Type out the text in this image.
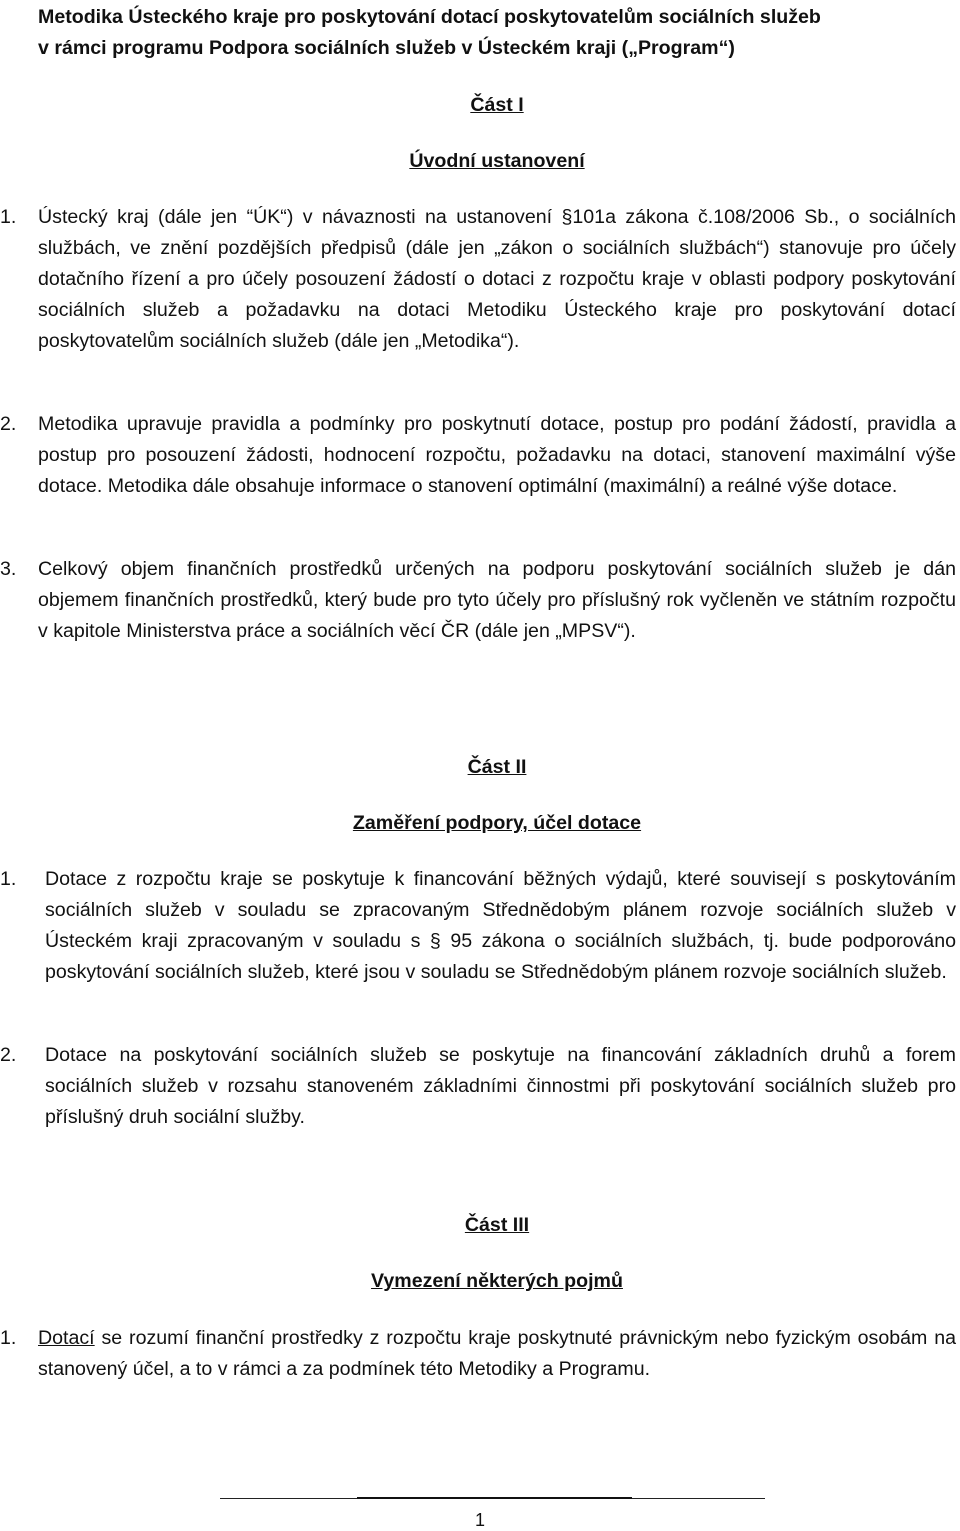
Metodika Ústeckého kraje pro poskytování dotací poskytovatelům sociálních služeb
v rámci programu Podpora sociálních služeb v Ústeckém kraji („Program“)
Část I
Úvodní ustanovení
1.	Ústecký kraj (dále jen “ÚK“) v návaznosti na ustanovení §101a zákona č.108/2006 Sb., o sociálních službách, ve znění pozdějších předpisů (dále jen „zákon o sociálních službách“) stanovuje pro účely dotačního řízení a pro účely posouzení žádostí o dotaci z rozpočtu kraje v oblasti podpory poskytování sociálních služeb a požadavku na dotaci Metodiku Ústeckého kraje pro poskytování dotací poskytovatelům sociálních služeb (dále jen „Metodika“).
2.	Metodika upravuje pravidla a podmínky pro poskytnutí dotace, postup pro podání žádostí, pravidla a postup pro posouzení žádosti, hodnocení rozpočtu, požadavku na dotaci, stanovení maximální výše dotace. Metodika dále obsahuje informace o stanovení optimální (maximální) a reálné výše dotace.
3.	Celkový objem finančních prostředků určených na podporu poskytování sociálních služeb je dán objemem finančních prostředků, který bude pro tyto účely pro příslušný rok vyčleněn ve státním rozpočtu v kapitole Ministerstva práce a sociálních věcí ČR (dále jen „MPSV“).
Část II
Zaměření podpory, účel dotace
1.	Dotace z rozpočtu kraje se poskytuje k financování běžných výdajů, které souvisejí s poskytováním sociálních služeb v souladu se zpracovaným Střednědobým plánem rozvoje sociálních služeb v Ústeckém kraji zpracovaným v souladu s § 95 zákona o sociálních službách, tj. bude podporováno poskytování sociálních služeb, které jsou v souladu se Střednědobým plánem rozvoje sociálních služeb.
2.	Dotace na poskytování sociálních služeb se poskytuje na financování základních druhů a forem sociálních služeb v rozsahu stanoveném základními činnostmi při poskytování sociálních služeb pro příslušný druh sociální služby.
Část III
Vymezení některých pojmů
1.	Dotací se rozumí finanční prostředky z rozpočtu kraje poskytnuté právnickým nebo fyzickým osobám na stanovený účel, a to v rámci a za podmínek této Metodiky a Programu.
1
